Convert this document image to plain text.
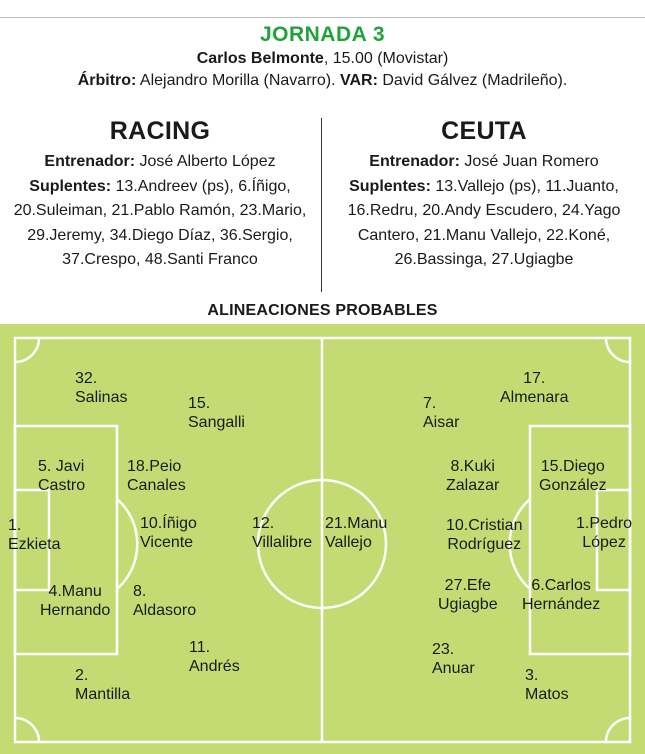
JORNADA 3
Carlos Belmonte, 15.00 (Movistar)
Árbitro: Alejandro Morilla (Navarro). VAR: David Gálvez (Madrileño).
RACING
Entrenador: José Alberto López
Suplentes: 13.Andreev (ps), 6.Íñigo,
20.Suleiman, 21.Pablo Ramón, 23.Mario,
29.Jeremy, 34.Diego Díaz, 36.Sergio,
37.Crespo, 48.Santi Franco
CEUTA
Entrenador: José Juan Romero
Suplentes: 13.Vallejo (ps), 11.Juanto,
16.Redru, 20.Andy Escudero, 24.Yago
Cantero, 21.Manu Vallejo, 22.Koné,
26.Bassinga, 27.Ugiagbe
ALINEACIONES PROBABLES
1.
Ezkieta
2.
Mantilla
5. Javi
Castro
4.Manu
Hernando
32.
Salinas
18.Peio
Canales
8.
Aldasoro
10.Íñigo
Vicente
15.
Sangalli
11.
Andrés
12.
Villalibre
1.Pedro
López
17.
Almenara
15.Diego
González
6.Carlos
Hernández
3.
Matos
8.Kuki
Zalazar
10.Cristian
Rodríguez
27.Efe
Ugiagbe
7.
Aisar
23.
Anuar
21.Manu
Vallejo
